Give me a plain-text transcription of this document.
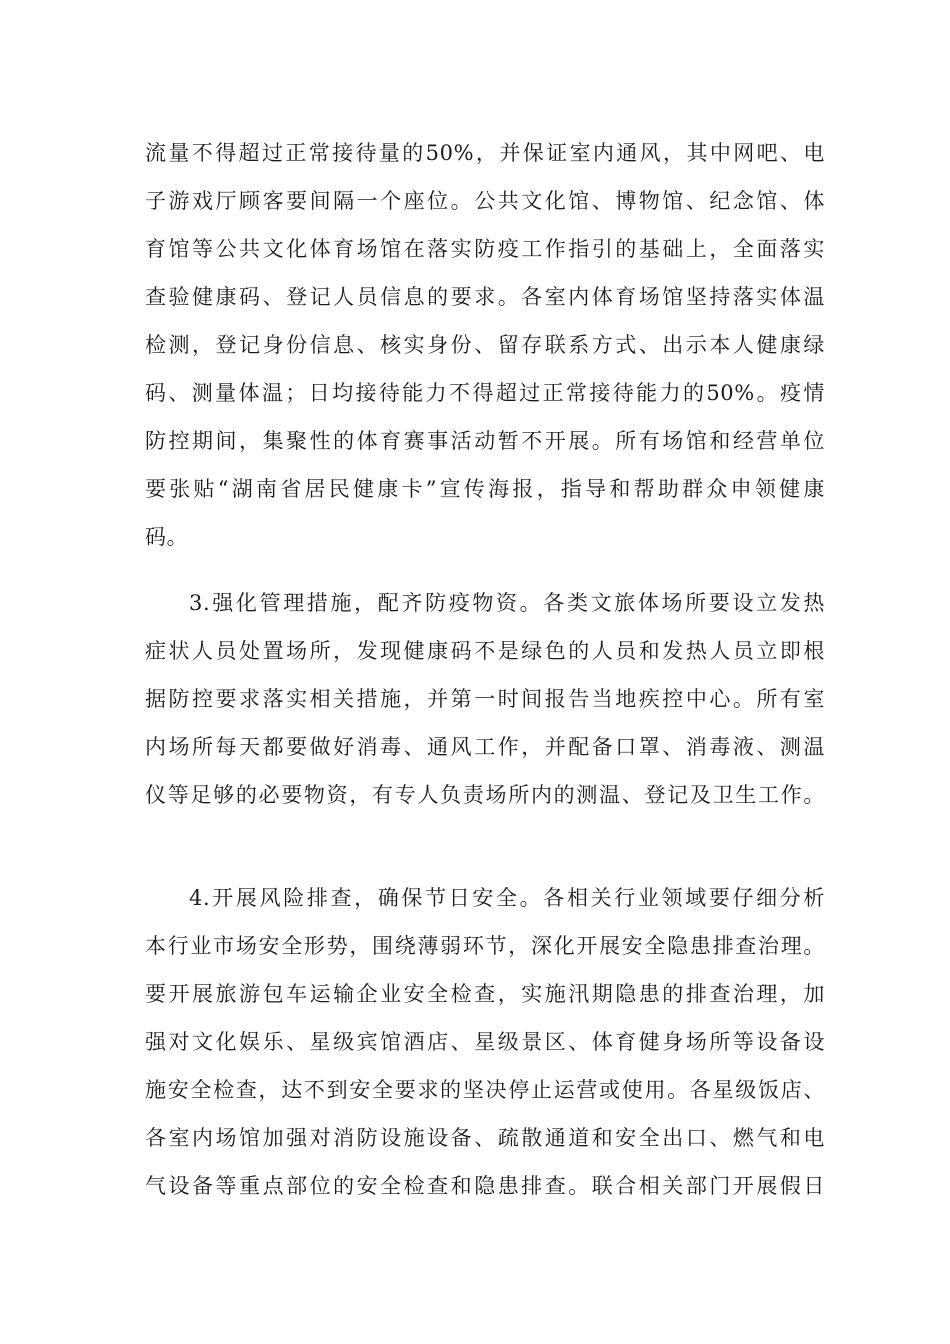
流量不得超过正常接待量的50%，并保证室内通风，其中网吧、电
子游戏厅顾客要间隔一个座位。公共文化馆、博物馆、纪念馆、体
育馆等公共文化体育场馆在落实防疫工作指引的基础上，全面落实
查验健康码、登记人员信息的要求。各室内体育场馆坚持落实体温
检测，登记身份信息、核实身份、留存联系方式、出示本人健康绿
码、测量体温；日均接待能力不得超过正常接待能力的50%。疫情
防控期间，集聚性的体育赛事活动暂不开展。所有场馆和经营单位
要张贴“湖南省居民健康卡”宣传海报，指导和帮助群众申领健康
码。
3.强化管理措施，配齐防疫物资。各类文旅体场所要设立发热
症状人员处置场所，发现健康码不是绿色的人员和发热人员立即根
据防控要求落实相关措施，并第一时间报告当地疾控中心。所有室
内场所每天都要做好消毒、通风工作，并配备口罩、消毒液、测温
仪等足够的必要物资，有专人负责场所内的测温、登记及卫生工作。
4.开展风险排查，确保节日安全。各相关行业领域要仔细分析
本行业市场安全形势，围绕薄弱环节，深化开展安全隐患排查治理。
要开展旅游包车运输企业安全检查，实施汛期隐患的排查治理，加
强对文化娱乐、星级宾馆酒店、星级景区、体育健身场所等设备设
施安全检查，达不到安全要求的坚决停止运营或使用。各星级饭店、
各室内场馆加强对消防设施设备、疏散通道和安全出口、燃气和电
气设备等重点部位的安全检查和隐患排查。联合相关部门开展假日
